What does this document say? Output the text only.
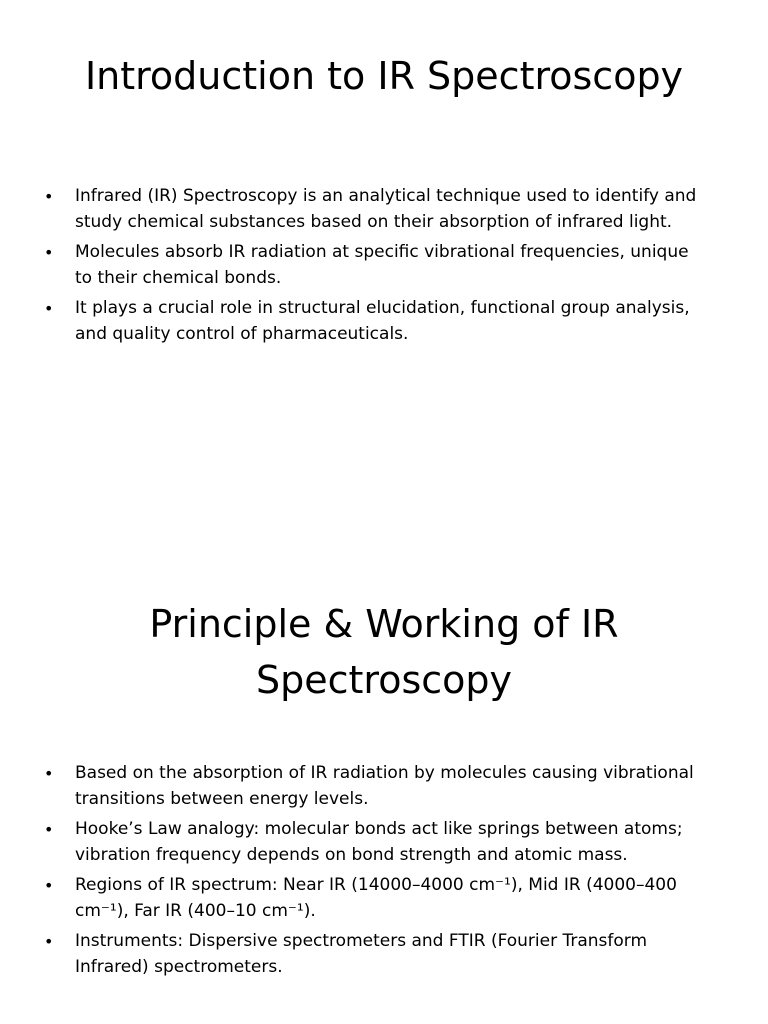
Introduction to IR Spectroscopy
• Infrared (IR) Spectroscopy is an analytical technique used to identify and study chemical substances based on their absorption of infrared light.
• Molecules absorb IR radiation at specific vibrational frequencies, unique to their chemical bonds.
• It plays a crucial role in structural elucidation, functional group analysis, and quality control of pharmaceuticals.
Principle & Working of IR Spectroscopy
• Based on the absorption of IR radiation by molecules causing vibrational transitions between energy levels.
• Hooke’s Law analogy: molecular bonds act like springs between atoms; vibration frequency depends on bond strength and atomic mass.
• Regions of IR spectrum: Near IR (14000–4000 cm⁻¹), Mid IR (4000–400 cm⁻¹), Far IR (400–10 cm⁻¹).
• Instruments: Dispersive spectrometers and FTIR (Fourier Transform Infrared) spectrometers.
